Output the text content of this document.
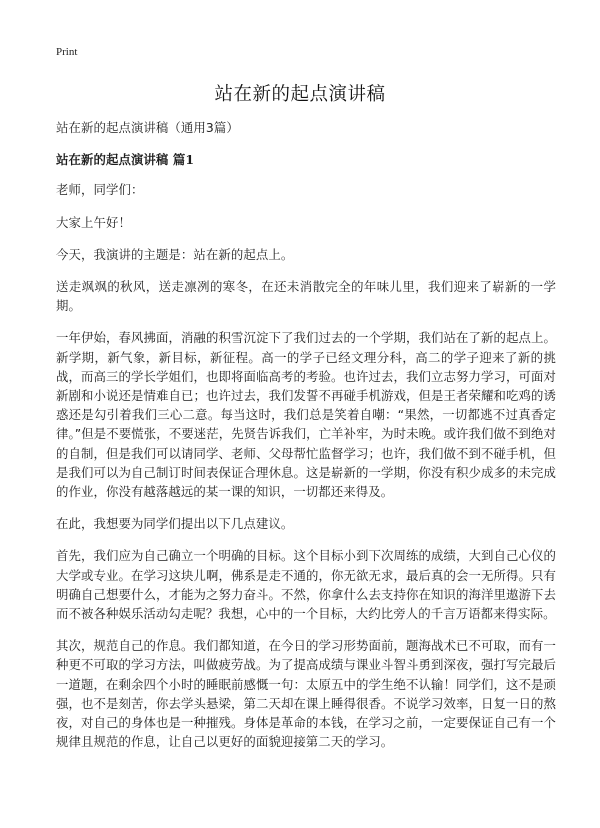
Print
站在新的起点演讲稿

站在新的起点演讲稿（通用3篇）

站在新的起点演讲稿 篇1

老师，同学们：

大家上午好！

今天，我演讲的主题是：站在新的起点上。

送走飒飒的秋风，送走凛冽的寒冬，在还未消散完全的年味儿里，我们迎来了崭新的一学期。

一年伊始，春风拂面，消融的积雪沉淀下了我们过去的一个学期，我们站在了新的起点上。新学期，新气象，新目标，新征程。高一的学子已经文理分科，高二的学子迎来了新的挑战，而高三的学长学姐们，也即将面临高考的考验。也许过去，我们立志努力学习，可面对新剧和小说还是情难自已；也许过去，我们发誓不再碰手机游戏，但是王者荣耀和吃鸡的诱惑还是勾引着我们三心二意。每当这时，我们总是笑着自嘲：“果然，一切都逃不过真香定律。”但是不要慌张，不要迷茫，先贤告诉我们，亡羊补牢，为时未晚。或许我们做不到绝对的自制，但是我们可以请同学、老师、父母帮忙监督学习；也许，我们做不到不碰手机，但是我们可以为自己制订时间表保证合理休息。这是崭新的一学期，你没有积少成多的未完成的作业，你没有越落越远的某一课的知识，一切都还来得及。

在此，我想要为同学们提出以下几点建议。

首先，我们应为自己确立一个明确的目标。这个目标小到下次周练的成绩，大到自己心仪的大学或专业。在学习这块儿啊，佛系是走不通的，你无欲无求，最后真的会一无所得。只有明确自己想要什么，才能为之努力奋斗。不然，你拿什么去支持你在知识的海洋里遨游下去而不被各种娱乐活动勾走呢？我想，心中的一个目标，大约比旁人的千言万语都来得实际。

其次，规范自己的作息。我们都知道，在今日的学习形势面前，题海战术已不可取，而有一种更不可取的学习方法，叫做疲劳战。为了提高成绩与课业斗智斗勇到深夜，强打写完最后一道题，在剩余四个小时的睡眠前感慨一句：太原五中的学生绝不认输！同学们，这不是顽强，也不是刻苦，你去学头悬梁，第二天却在课上睡得很香。不说学习效率，日复一日的熬夜，对自己的身体也是一种摧残。身体是革命的本钱，在学习之前，一定要保证自己有一个规律且规范的作息，让自己以更好的面貌迎接第二天的学习。
